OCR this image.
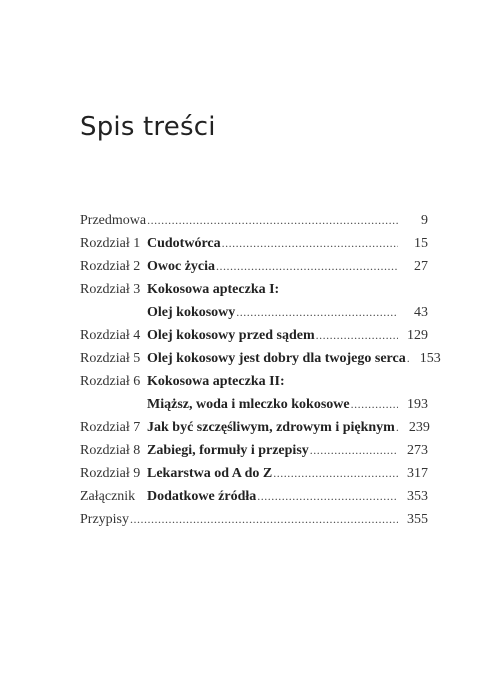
Spis treści
Przedmowa .....	9
Rozdział 1 Cudotwórca .....	15
Rozdział 2 Owoc życia .....	27
Rozdział 3 Kokosowa apteczka I:
Olej kokosowy .....	43
Rozdział 4 Olej kokosowy przed sądem .....	129
Rozdział 5 Olej kokosowy jest dobry dla twojego serca .....	153
Rozdział 6 Kokosowa apteczka II:
Miąższ, woda i mleczko kokosowe .....	193
Rozdział 7 Jak być szczęśliwym, zdrowym i pięknym .....	239
Rozdział 8 Zabiegi, formuły i przepisy .....	273
Rozdział 9 Lekarstwa od A do Z .....	317
Załącznik Dodatkowe źródła .....	353
Przypisy .....	355
